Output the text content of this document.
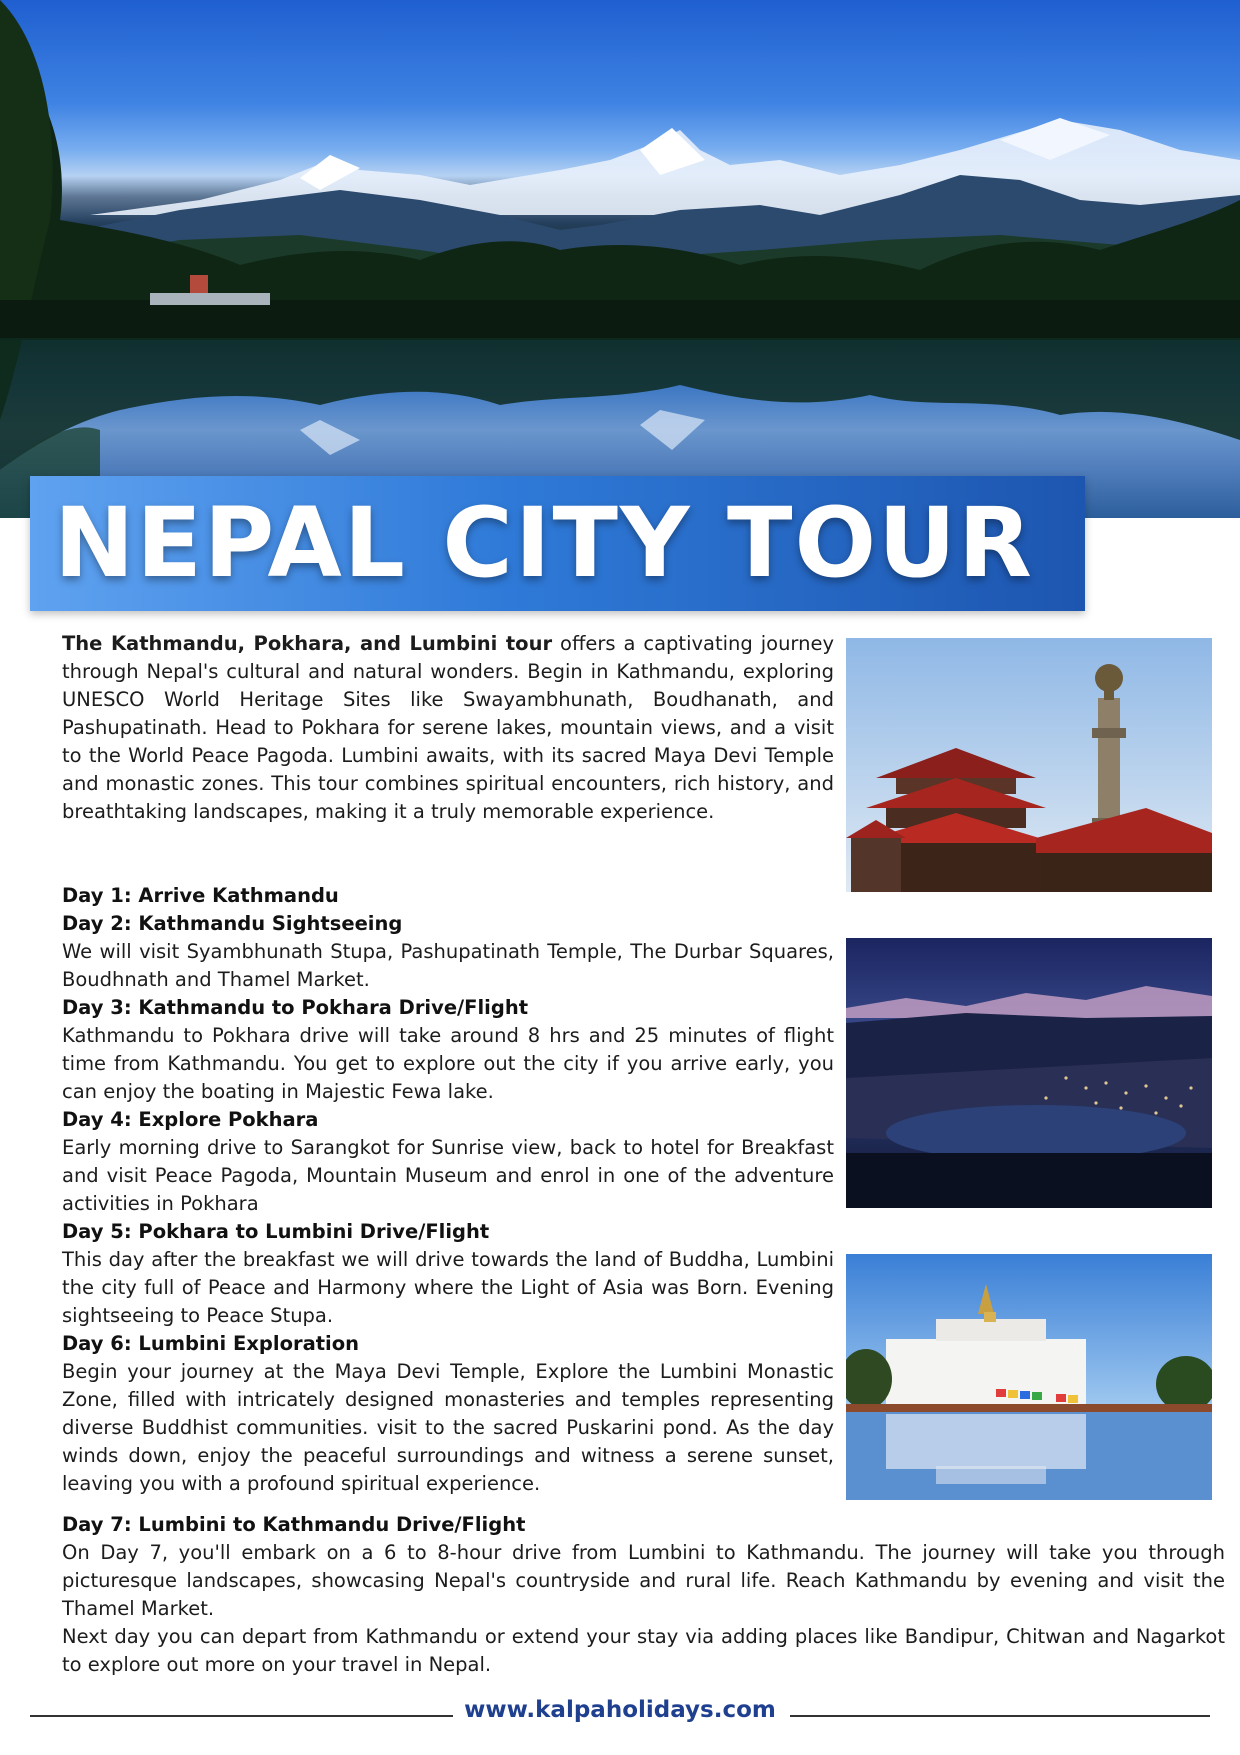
NEPAL CITY TOUR

The Kathmandu, Pokhara, and Lumbini tour offers a captivating journey through Nepal's cultural and natural wonders. Begin in Kathmandu, exploring UNESCO World Heritage Sites like Swayambhunath, Boudhanath, and Pashupatinath. Head to Pokhara for serene lakes, mountain views, and a visit to the World Peace Pagoda. Lumbini awaits, with its sacred Maya Devi Temple and monastic zones. This tour combines spiritual encounters, rich history, and breathtaking landscapes, making it a truly memorable experience.

Day 1: Arrive Kathmandu
Day 2: Kathmandu Sightseeing
We will visit Syambhunath Stupa, Pashupatinath Temple, The Durbar Squares, Boudhnath and Thamel Market.
Day 3: Kathmandu to Pokhara Drive/Flight
Kathmandu to Pokhara drive will take around 8 hrs and 25 minutes of flight time from Kathmandu. You get to explore out the city if you arrive early, you can enjoy the boating in Majestic Fewa lake.
Day 4: Explore Pokhara
Early morning drive to Sarangkot for Sunrise view, back to hotel for Breakfast and visit Peace Pagoda, Mountain Museum and enrol in one of the adventure activities in Pokhara
Day 5: Pokhara to Lumbini Drive/Flight
This day after the breakfast we will drive towards the land of Buddha, Lumbini the city full of Peace and Harmony where the Light of Asia was Born. Evening sightseeing to Peace Stupa.
Day 6: Lumbini Exploration
Begin your journey at the Maya Devi Temple, Explore the Lumbini Monastic Zone, filled with intricately designed monasteries and temples representing diverse Buddhist communities. visit to the sacred Puskarini pond. As the day winds down, enjoy the peaceful surroundings and witness a serene sunset, leaving you with a profound spiritual experience.
Day 7: Lumbini to Kathmandu Drive/Flight
On Day 7, you'll embark on a 6 to 8-hour drive from Lumbini to Kathmandu. The journey will take you through picturesque landscapes, showcasing Nepal's countryside and rural life. Reach Kathmandu by evening and visit the Thamel Market.

Next day you can depart from Kathmandu or extend your stay via adding places like Bandipur, Chitwan and Nagarkot to explore out more on your travel in Nepal.

www.kalpaholidays.com
